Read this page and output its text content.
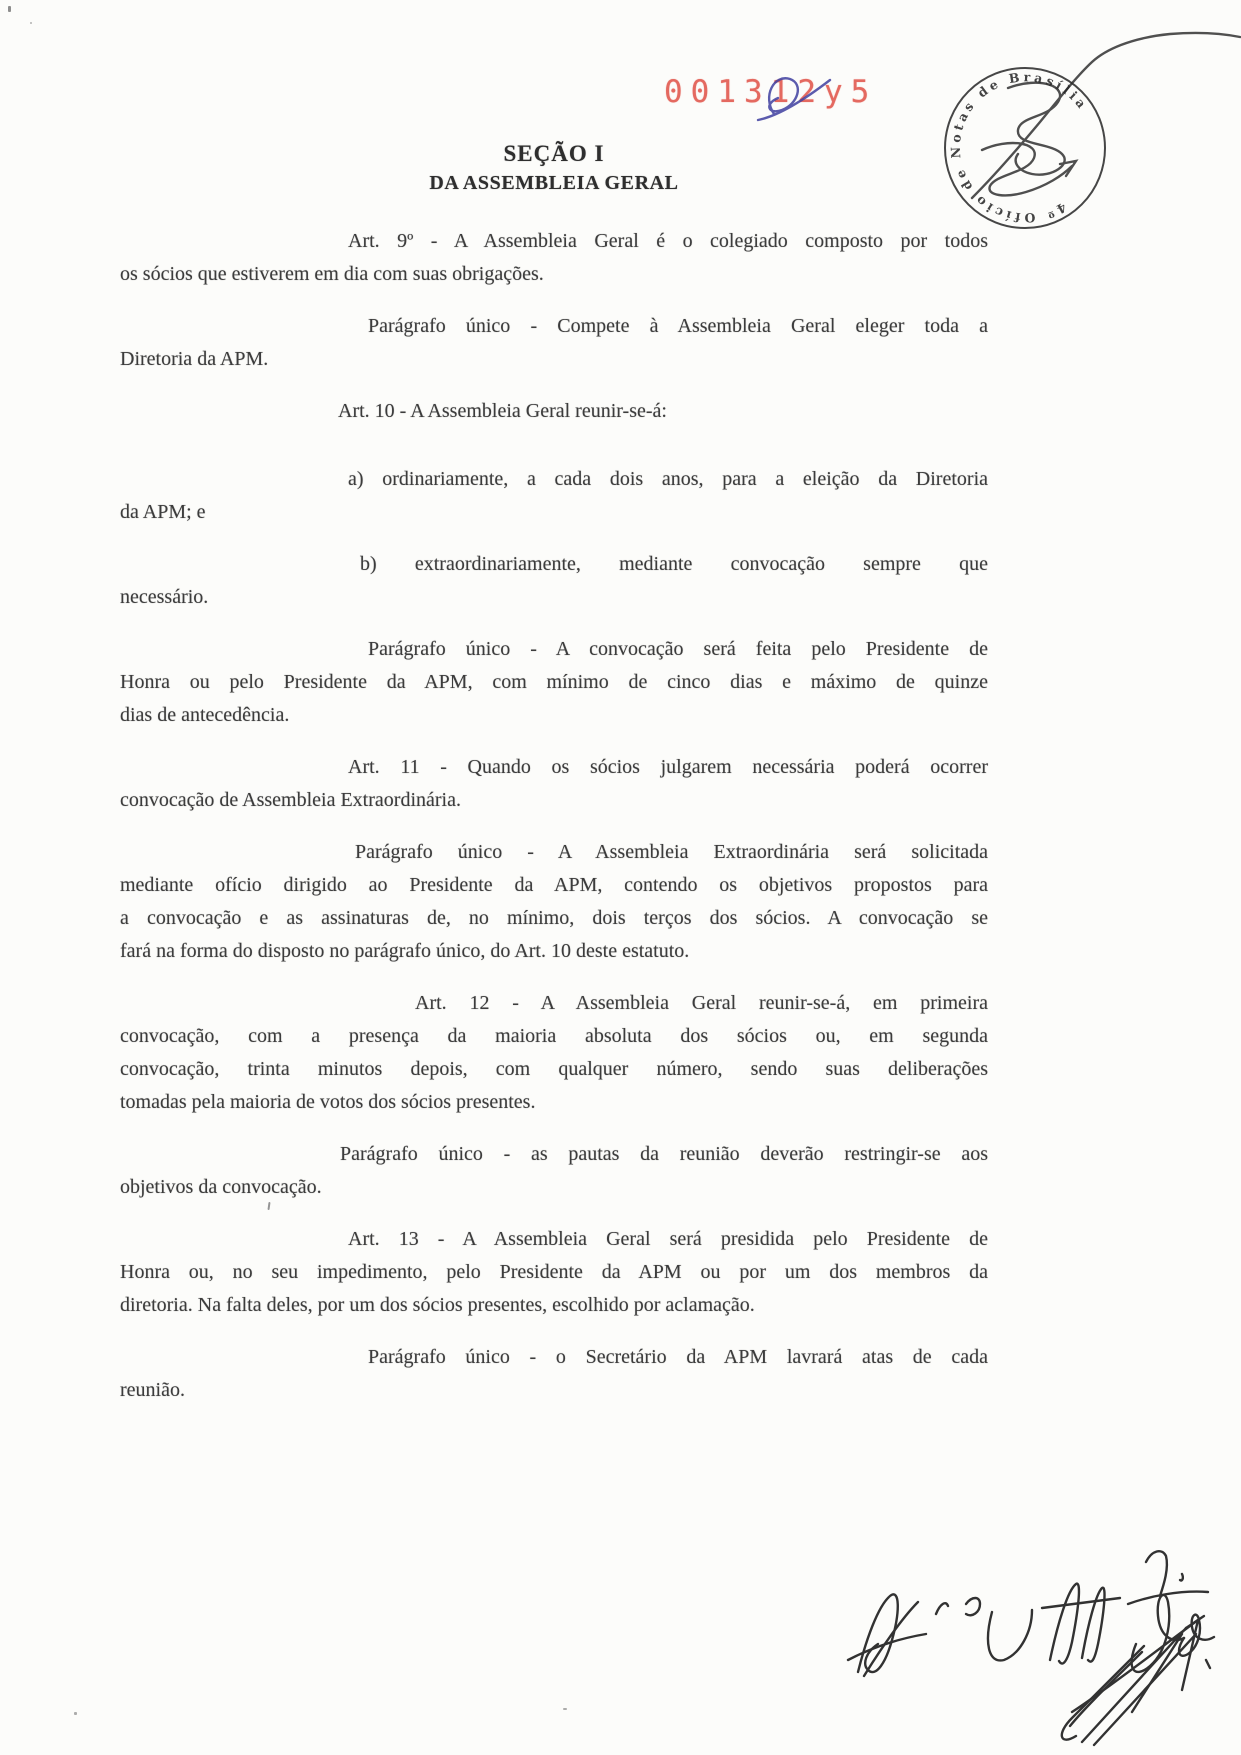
001312y5
4º Ofício de Notas de Brasília
SEÇÃO I
DA ASSEMBLEIA GERAL

Art. 9º - A Assembleia Geral é o colegiado composto por todos
os sócios que estiverem em dia com suas obrigações.

Parágrafo único - Compete à Assembleia Geral eleger toda a
Diretoria da APM.

Art. 10 - A Assembleia Geral reunir-se-á:

a) ordinariamente, a cada dois anos, para a eleição da Diretoria
da APM; e

b) extraordinariamente, mediante convocação sempre que
necessário.

Parágrafo único - A convocação será feita pelo Presidente de
Honra ou pelo Presidente da APM, com mínimo de cinco dias e máximo de quinze
dias de antecedência.

Art. 11 - Quando os sócios julgarem necessária poderá ocorrer
convocação de Assembleia Extraordinária.

Parágrafo único - A Assembleia Extraordinária será solicitada
mediante ofício dirigido ao Presidente da APM, contendo os objetivos propostos para
a convocação e as assinaturas de, no mínimo, dois terços dos sócios. A convocação se
fará na forma do disposto no parágrafo único, do Art. 10 deste estatuto.

Art. 12 - A Assembleia Geral reunir-se-á, em primeira
convocação, com a presença da maioria absoluta dos sócios ou, em segunda
convocação, trinta minutos depois, com qualquer número, sendo suas deliberações
tomadas pela maioria de votos dos sócios presentes.

Parágrafo único - as pautas da reunião deverão restringir-se aos
objetivos da convocação.

Art. 13 - A Assembleia Geral será presidida pelo Presidente de
Honra ou, no seu impedimento, pelo Presidente da APM ou por um dos membros da
diretoria. Na falta deles, por um dos sócios presentes, escolhido por aclamação.

Parágrafo único - o Secretário da APM lavrará atas de cada
reunião.
